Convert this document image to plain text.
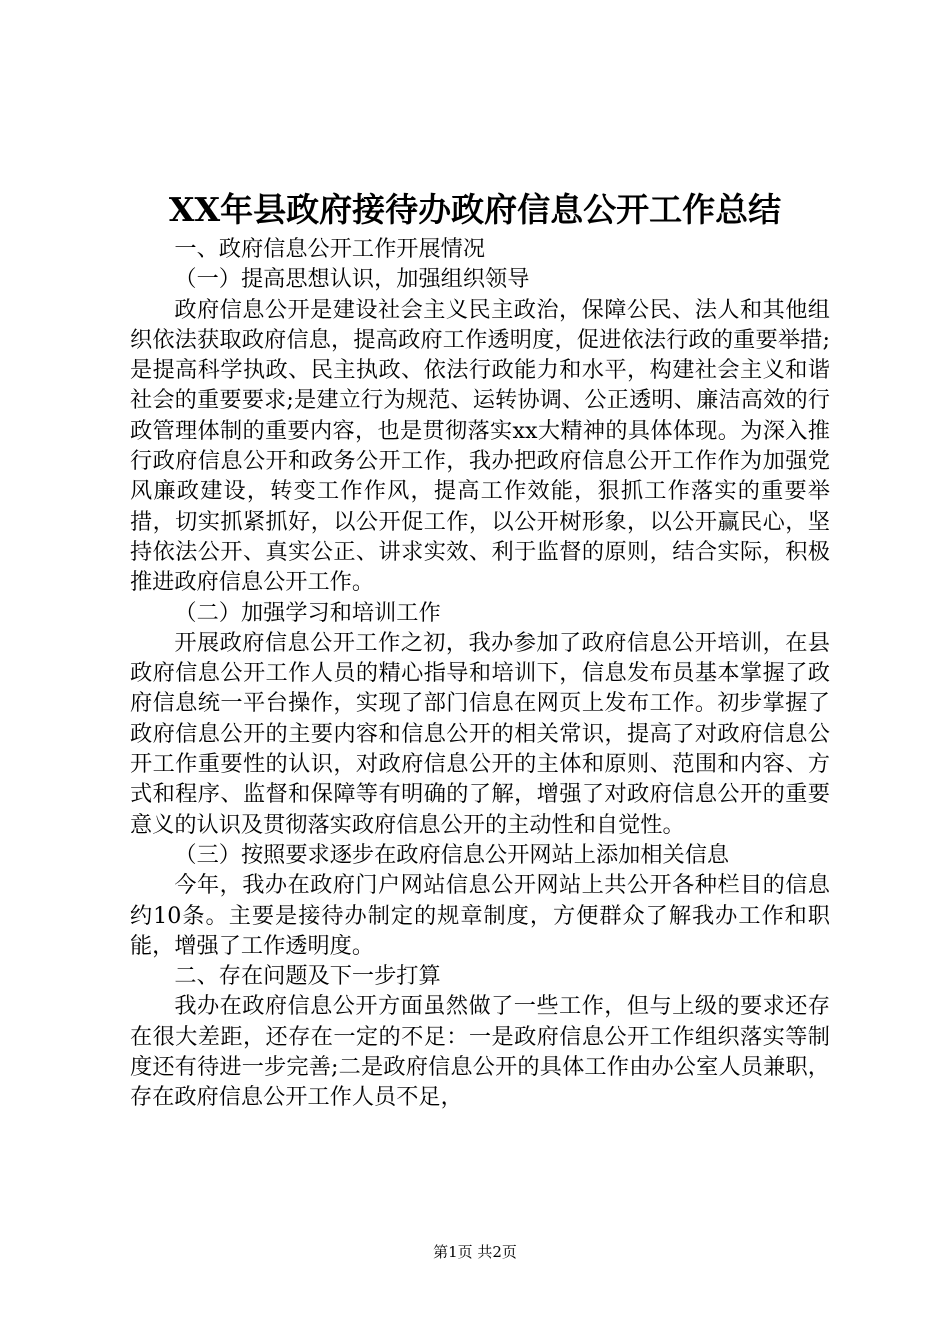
XX年县政府接待办政府信息公开工作总结

一、政府信息公开工作开展情况

（一）提高思想认识，加强组织领导

政府信息公开是建设社会主义民主政治，保障公民、法人和其他组织依法获取政府信息，提高政府工作透明度，促进依法行政的重要举措;是提高科学执政、民主执政、依法行政能力和水平，构建社会主义和谐社会的重要要求;是建立行为规范、运转协调、公正透明、廉洁高效的行政管理体制的重要内容，也是贯彻落实xx大精神的具体体现。为深入推行政府信息公开和政务公开工作，我办把政府信息公开工作作为加强党风廉政建设，转变工作作风，提高工作效能，狠抓工作落实的重要举措，切实抓紧抓好，以公开促工作，以公开树形象，以公开赢民心，坚持依法公开、真实公正、讲求实效、利于监督的原则，结合实际，积极推进政府信息公开工作。

（二）加强学习和培训工作

开展政府信息公开工作之初，我办参加了政府信息公开培训，在县政府信息公开工作人员的精心指导和培训下，信息发布员基本掌握了政府信息统一平台操作，实现了部门信息在网页上发布工作。初步掌握了政府信息公开的主要内容和信息公开的相关常识，提高了对政府信息公开工作重要性的认识，对政府信息公开的主体和原则、范围和内容、方式和程序、监督和保障等有明确的了解，增强了对政府信息公开的重要意义的认识及贯彻落实政府信息公开的主动性和自觉性。

（三）按照要求逐步在政府信息公开网站上添加相关信息

今年，我办在政府门户网站信息公开网站上共公开各种栏目的信息约10条。主要是接待办制定的规章制度，方便群众了解我办工作和职能，增强了工作透明度。

二、存在问题及下一步打算

我办在政府信息公开方面虽然做了一些工作，但与上级的要求还存在很大差距，还存在一定的不足：一是政府信息公开工作组织落实等制度还有待进一步完善;二是政府信息公开的具体工作由办公室人员兼职，存在政府信息公开工作人员不足，

第1页 共2页
